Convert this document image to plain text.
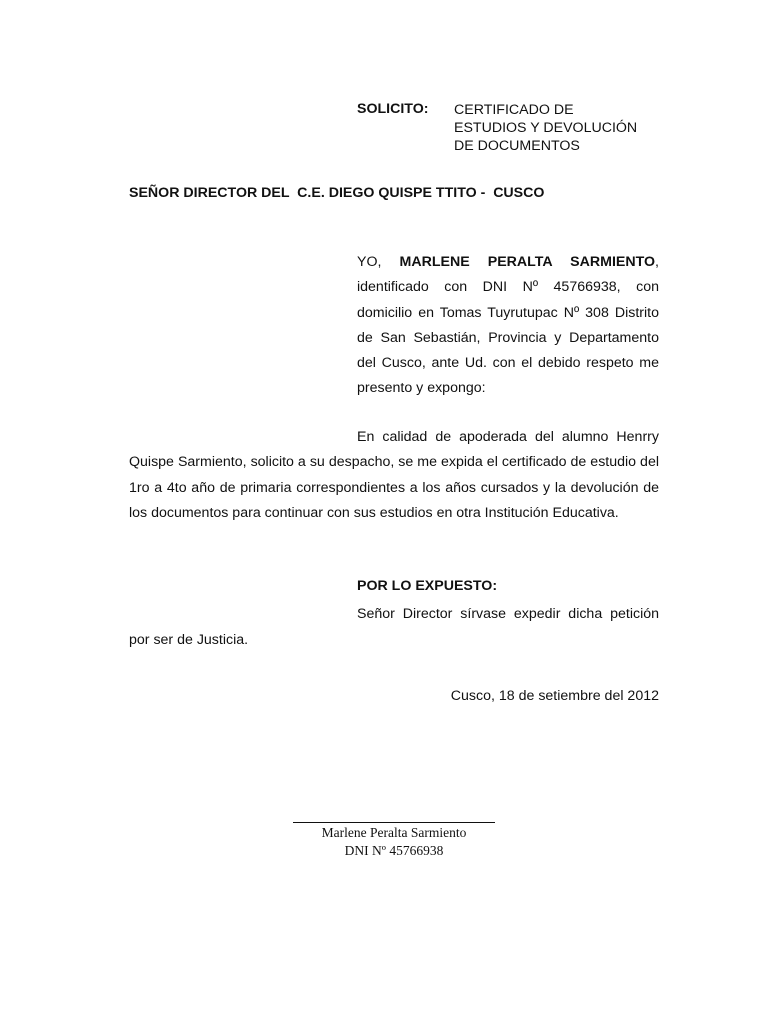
SOLICITO: CERTIFICADO DE
ESTUDIOS Y DEVOLUCIÓN
DE DOCUMENTOS
SEÑOR DIRECTOR DEL  C.E. DIEGO QUISPE TTITO -  CUSCO
YO, MARLENE PERALTA SARMIENTO, identificado con DNI Nº 45766938, con domicilio en Tomas Tuyrutupac Nº 308 Distrito de San Sebastián, Provincia y Departamento del Cusco, ante Ud. con el debido respeto me presento y expongo:
En calidad de apoderada del alumno Henrry Quispe Sarmiento, solicito a su despacho, se me expida el certificado de estudio del 1ro a 4to año de primaria correspondientes a los años cursados y la devolución de los documentos para continuar con sus estudios en otra Institución Educativa.
POR LO EXPUESTO:
Señor Director sírvase expedir dicha petición por ser de Justicia.
Cusco, 18 de setiembre del 2012
Marlene Peralta Sarmiento
DNI Nº 45766938
